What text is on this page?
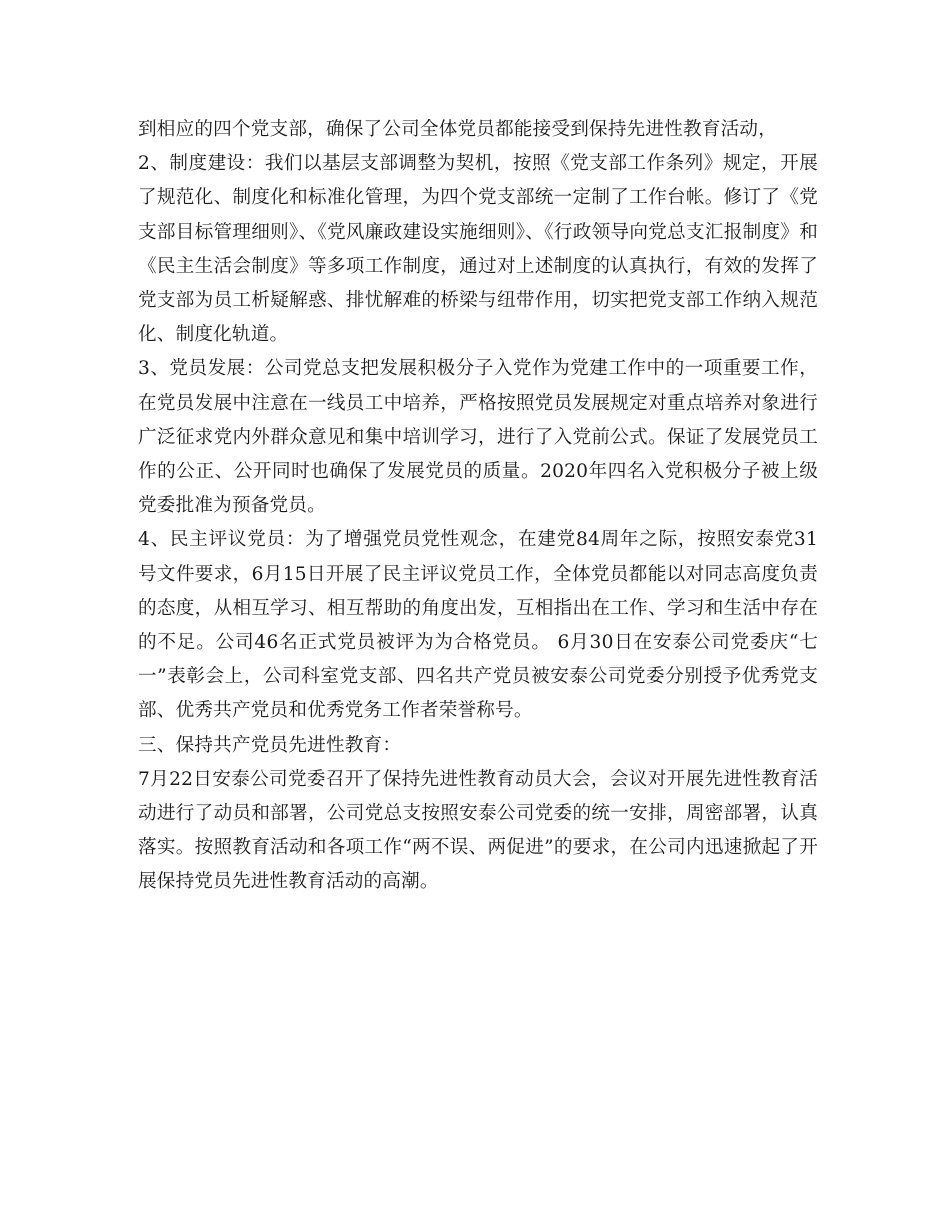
到相应的四个党支部，确保了公司全体党员都能接受到保持先进性教育活动，

2、制度建设：我们以基层支部调整为契机，按照《党支部工作条列》规定，开展了规范化、制度化和标准化管理，为四个党支部统一定制了工作台帐。修订了《党支部目标管理细则》、《党风廉政建设实施细则》、《行政领导向党总支汇报制度》和《民主生活会制度》等多项工作制度，通过对上述制度的认真执行，有效的发挥了党支部为员工析疑解惑、排忧解难的桥梁与纽带作用，切实把党支部工作纳入规范化、制度化轨道。

3、党员发展：公司党总支把发展积极分子入党作为党建工作中的一项重要工作，在党员发展中注意在一线员工中培养，严格按照党员发展规定对重点培养对象进行广泛征求党内外群众意见和集中培训学习，进行了入党前公式。保证了发展党员工作的公正、公开同时也确保了发展党员的质量。2020年四名入党积极分子被上级党委批准为预备党员。

4、民主评议党员：为了增强党员党性观念，在建党84周年之际，按照安泰党31号文件要求，6月15日开展了民主评议党员工作，全体党员都能以对同志高度负责的态度，从相互学习、相互帮助的角度出发，互相指出在工作、学习和生活中存在的不足。公司46名正式党员被评为为合格党员。 6月30日在安泰公司党委庆“七一”表彰会上，公司科室党支部、四名共产党员被安泰公司党委分别授予优秀党支部、优秀共产党员和优秀党务工作者荣誉称号。

三、保持共产党员先进性教育：

7月22日安泰公司党委召开了保持先进性教育动员大会，会议对开展先进性教育活动进行了动员和部署，公司党总支按照安泰公司党委的统一安排，周密部署，认真落实。按照教育活动和各项工作“两不误、两促进”的要求，在公司内迅速掀起了开展保持党员先进性教育活动的高潮。
